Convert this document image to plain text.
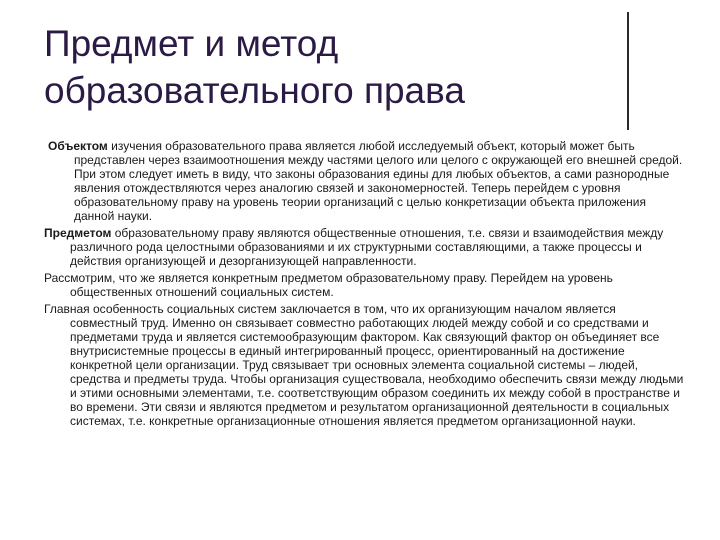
Предмет и метод
образовательного права

Объектом изучения образовательного права является любой исследуемый объект, который может быть представлен через взаимоотношения между частями целого или целого с окружающей его внешней средой. При этом следует иметь в виду, что законы образования едины для любых объектов, а сами разнородные явления отождествляются через аналогию связей и закономерностей. Теперь перейдем с уровня образовательному праву на уровень теории организаций с целью конкретизации объекта приложения данной науки.

Предметом образовательному праву являются общественные отношения, т.е. связи и взаимодействия между различного рода целостными образованиями и их структурными составляющими, а также процессы и действия организующей и дезорганизующей направленности.

Рассмотрим, что же является конкретным предметом образовательному праву. Перейдем на уровень общественных отношений социальных систем.

Главная особенность социальных систем заключается в том, что их организующим началом является совместный труд. Именно он связывает совместно работающих людей между собой и со средствами и предметами труда и является системообразующим фактором. Как связующий фактор он объединяет все внутрисистемные процессы в единый интегрированный процесс, ориентированный на достижение конкретной цели организации. Труд связывает три основных элемента социальной системы – людей, средства и предметы труда. Чтобы организация существовала, необходимо обеспечить связи между людьми и этими основными элементами, т.е. соответствующим образом соединить их между собой в пространстве и во времени. Эти связи и являются предметом и результатом организационной деятельности в социальных системах, т.е. конкретные организационные отношения является предметом организационной науки.
